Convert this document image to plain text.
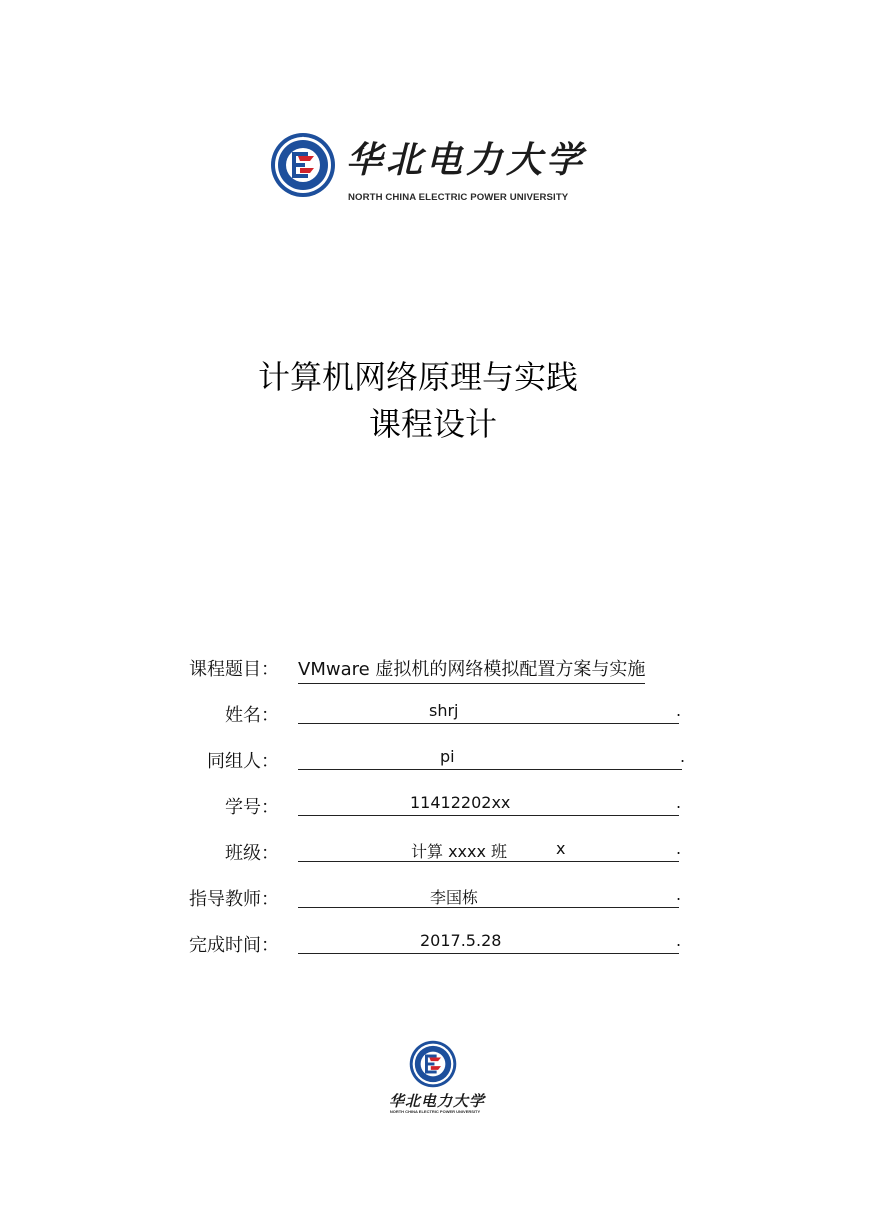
华北电力大学
NORTH CHINA ELECTRIC POWER UNIVERSITY
计算机网络原理与实践
课程设计
课程题目： VMware 虚拟机的网络模拟配置方案与实施
姓名：	shrj	.
同组人：	pi	.
学号：	11412202xx	.
班级：	计算 xxxx 班	x	.
指导教师：	李国栋	.
完成时间：	2017.5.28	.
华北电力大学
NORTH CHINA ELECTRIC POWER UNIVERSITY
